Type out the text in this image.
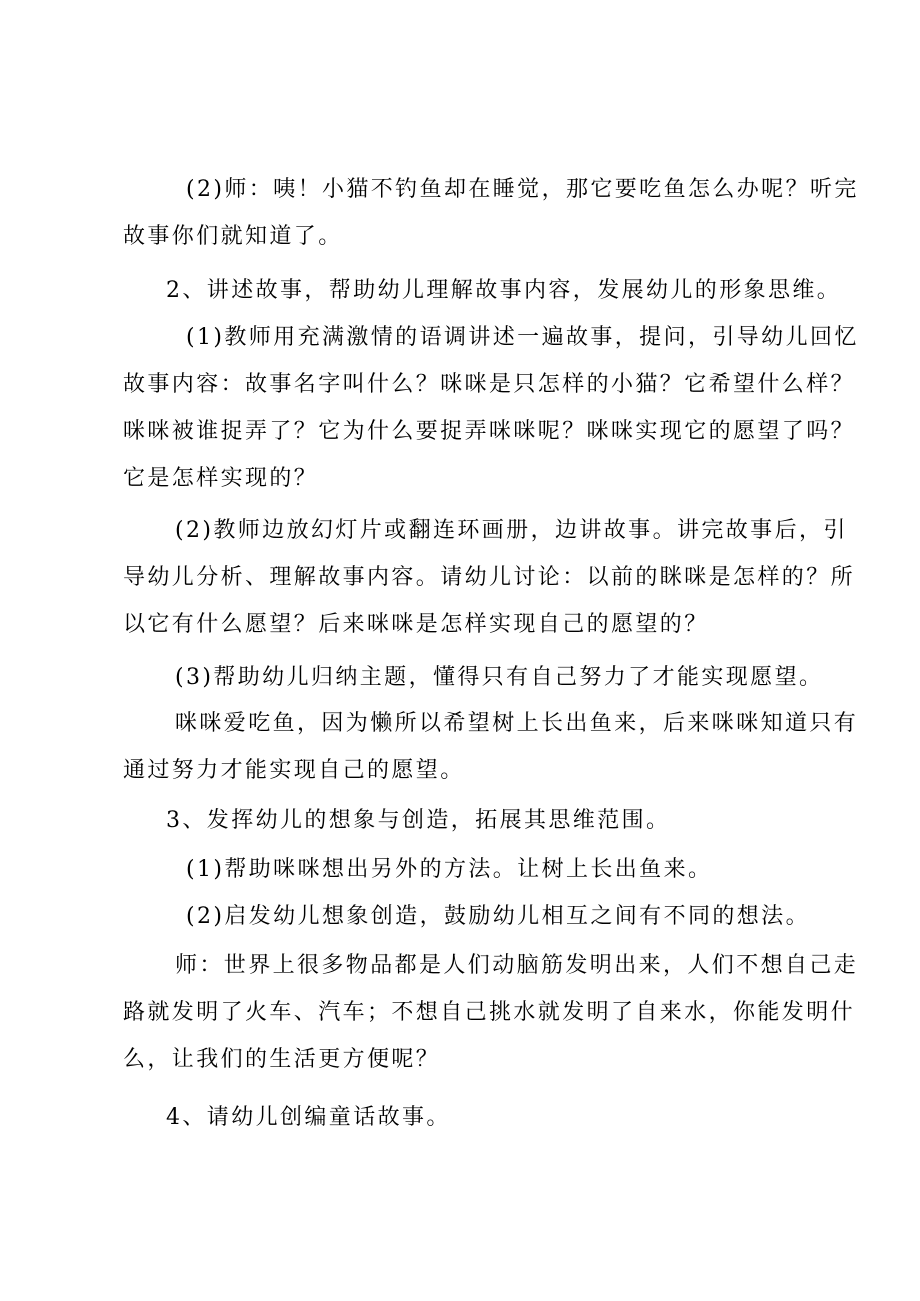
(2)师：咦！小猫不钓鱼却在睡觉，那它要吃鱼怎么办呢？听完
故事你们就知道了。

2、讲述故事，帮助幼儿理解故事内容，发展幼儿的形象思维。

(1)教师用充满激情的语调讲述一遍故事，提问，引导幼儿回忆
故事内容：故事名字叫什么？咪咪是只怎样的小猫？它希望什么样？
咪咪被谁捉弄了？它为什么要捉弄咪咪呢？咪咪实现它的愿望了吗？
它是怎样实现的？

(2)教师边放幻灯片或翻连环画册，边讲故事。讲完故事后，引
导幼儿分析、理解故事内容。请幼儿讨论：以前的眯咪是怎样的？所
以它有什么愿望？后来咪咪是怎样实现自己的愿望的？

(3)帮助幼儿归纳主题，懂得只有自己努力了才能实现愿望。

咪咪爱吃鱼，因为懒所以希望树上长出鱼来，后来咪咪知道只有
通过努力才能实现自己的愿望。

3、发挥幼儿的想象与创造，拓展其思维范围。

(1)帮助咪咪想出另外的方法。让树上长出鱼来。

(2)启发幼儿想象创造，鼓励幼儿相互之间有不同的想法。

师：世界上很多物品都是人们动脑筋发明出来，人们不想自己走
路就发明了火车、汽车；不想自己挑水就发明了自来水，你能发明什
么，让我们的生活更方便呢？

4、请幼儿创编童话故事。
